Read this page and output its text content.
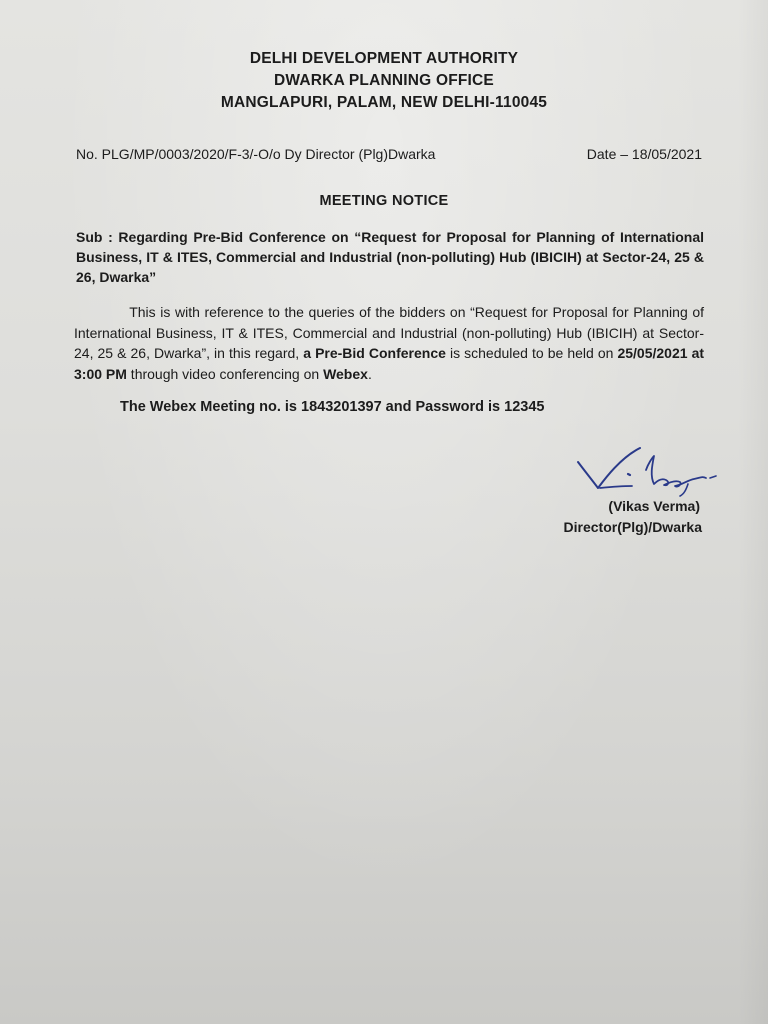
DELHI DEVELOPMENT AUTHORITY
DWARKA PLANNING OFFICE
MANGLAPURI, PALAM, NEW DELHI-110045
No. PLG/MP/0003/2020/F-3/-O/o Dy Director (Plg)Dwarka	Date – 18/05/2021
MEETING NOTICE
Sub : Regarding Pre-Bid Conference on “Request for Proposal for Planning of International Business, IT & ITES, Commercial and Industrial (non-polluting) Hub (IBICIH) at Sector-24, 25 & 26, Dwarka”
This is with reference to the queries of the bidders on “Request for Proposal for Planning of International Business, IT & ITES, Commercial and Industrial (non-polluting) Hub (IBICIH) at Sector-24, 25 & 26, Dwarka”, in this regard, a Pre-Bid Conference is scheduled to be held on 25/05/2021 at 3:00 PM through video conferencing on Webex.
The Webex Meeting no. is 1843201397 and Password is 12345
(Vikas Verma)
Director(Plg)/Dwarka
